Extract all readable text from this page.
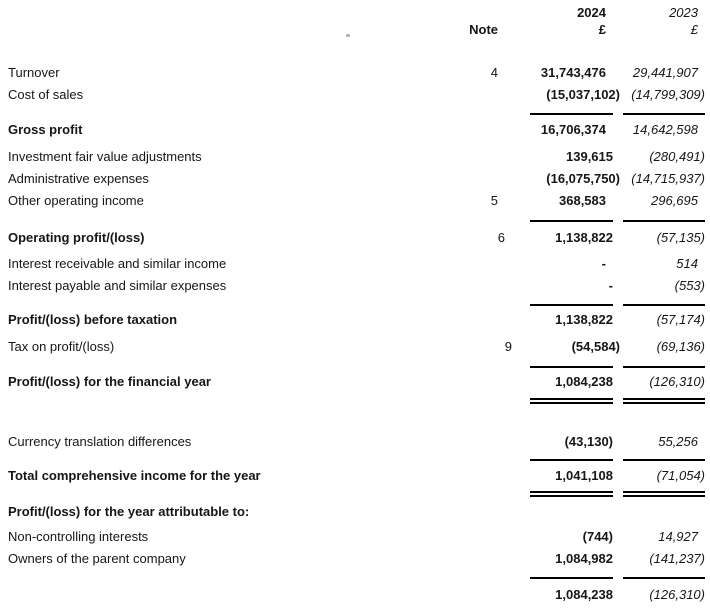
2024	2023
Note	£	£
Turnover	4	31,743,476	29,441,907
Cost of sales	(15,037,102) (14,799,309)
Gross profit	16,706,374	14,642,598
Investment fair value adjustments	139,615	(280,491)
Administrative expenses	(16,075,750) (14,715,937)
Other operating income	5	368,583	296,695
Operating profit/(loss)	6	1,138,822	(57,135)
Interest receivable and similar income	-	514
Interest payable and similar expenses	-	(553)
Profit/(loss) before taxation	1,138,822	(57,174)
Tax on profit/(loss)	9	(54,584)	(69,136)
Profit/(loss) for the financial year	1,084,238	(126,310)
Currency translation differences	(43,130)	55,256
Total comprehensive income for the year	1,041,108	(71,054)
Profit/(loss) for the year attributable to:
Non-controlling interests	(744)	14,927
Owners of the parent company	1,084,982	(141,237)
1,084,238	(126,310)
